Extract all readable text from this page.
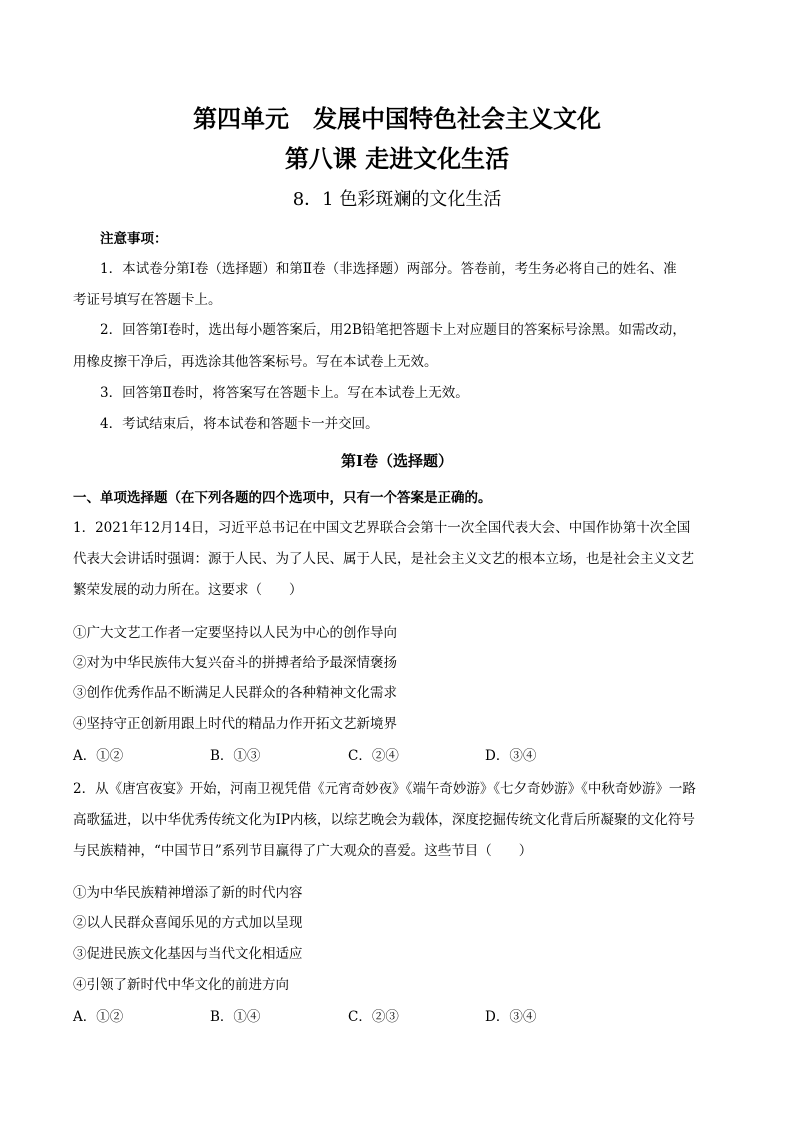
第四单元　发展中国特色社会主义文化
第八课 走进文化生活
8．1 色彩斑斓的文化生活
注意事项：
1．本试卷分第Ⅰ卷（选择题）和第Ⅱ卷（非选择题）两部分。答卷前，考生务必将自己的姓名、准
考证号填写在答题卡上。
2．回答第Ⅰ卷时，选出每小题答案后，用2B铅笔把答题卡上对应题目的答案标号涂黑。如需改动，
用橡皮擦干净后，再选涂其他答案标号。写在本试卷上无效。
3．回答第Ⅱ卷时，将答案写在答题卡上。写在本试卷上无效。
4．考试结束后，将本试卷和答题卡一并交回。
第Ⅰ卷（选择题）
一、单项选择题（在下列各题的四个选项中，只有一个答案是正确的。
1．2021年12月14日，习近平总书记在中国文艺界联合会第十一次全国代表大会、中国作协第十次全国
代表大会讲话时强调：源于人民、为了人民、属于人民，是社会主义文艺的根本立场，也是社会主义文艺
繁荣发展的动力所在。这要求（　　）
①广大文艺工作者一定要坚持以人民为中心的创作导向
②对为中华民族伟大复兴奋斗的拼搏者给予最深情褒扬
③创作优秀作品不断满足人民群众的各种精神文化需求
④坚持守正创新用跟上时代的精品力作开拓文艺新境界
A．①②	B．①③	C．②④	D．③④
2．从《唐宫夜宴》开始，河南卫视凭借《元宵奇妙夜》《端午奇妙游》《七夕奇妙游》《中秋奇妙游》一路
高歌猛进，以中华优秀传统文化为IP内核，以综艺晚会为载体，深度挖掘传统文化背后所凝聚的文化符号
与民族精神，“中国节日”系列节目赢得了广大观众的喜爱。这些节目（　　）
①为中华民族精神增添了新的时代内容
②以人民群众喜闻乐见的方式加以呈现
③促进民族文化基因与当代文化相适应
④引领了新时代中华文化的前进方向
A．①②	B．①④	C．②③	D．③④
